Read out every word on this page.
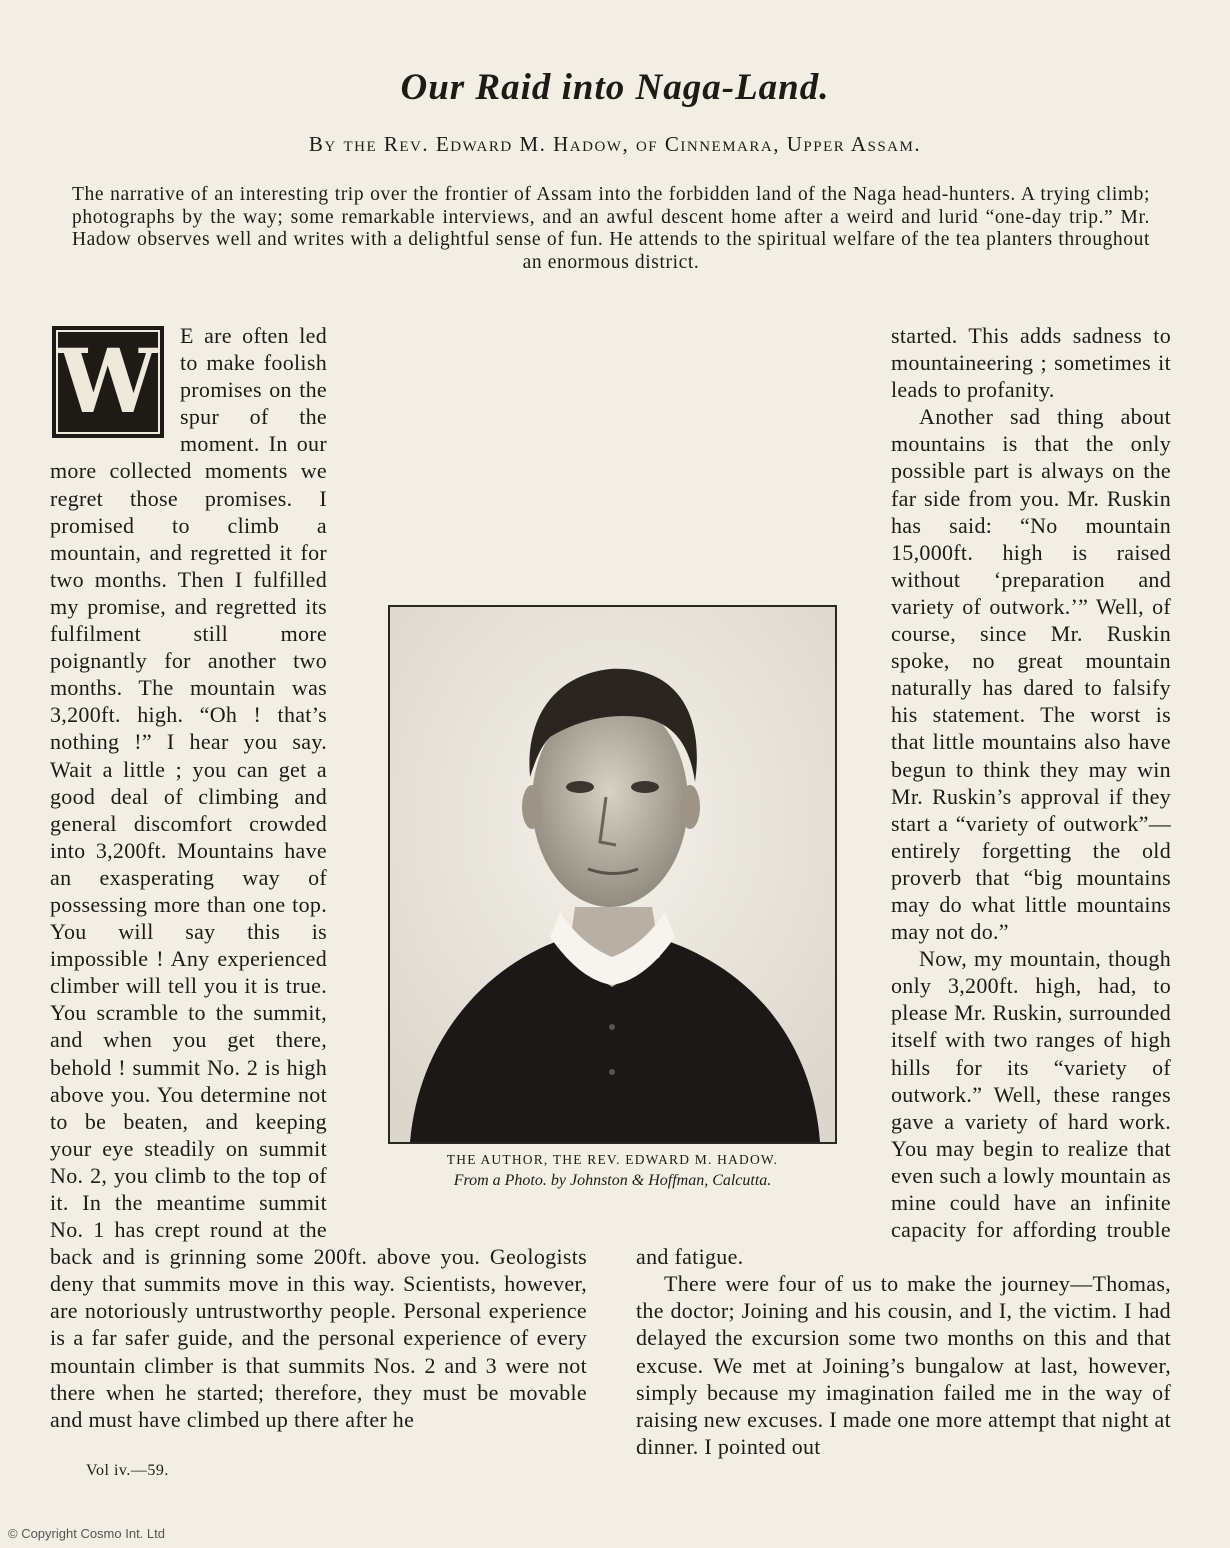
Our Raid into Naga-Land.
By the Rev. Edward M. Hadow, of Cinnemara, Upper Assam.
The narrative of an interesting trip over the frontier of Assam into the forbidden land of the Naga head-hunters. A trying climb; photographs by the way; some remarkable interviews, and an awful descent home after a weird and lurid “one-day trip.” Mr. Hadow observes well and writes with a delightful sense of fun. He attends to the spiritual welfare of the tea planters throughout an enormous district.
W	E are often led to make foolish promises on the spur of the moment. In our more collected moments we regret those promises. I promised to climb a mountain, and regretted it for two months. Then I fulfilled my promise, and regretted its fulfilment still more poignantly for another two months. The mountain was 3,200ft. high. “Oh ! that’s nothing !” I hear you say. Wait a little ; you can get a good deal of climbing and general discomfort crowded into 3,200ft. Mountains have an exasperating way of possessing more than one top. You will say this is impossible ! Any experienced climber will tell you it is true. You scramble to the summit, and when you get there, behold ! summit No. 2 is high above you. You determine not to be beaten, and keeping your eye steadily on summit No. 2, you climb to the top of it. In the meantime summit No. 1 has crept round at the back and is grinning some 200ft. above you. Geologists deny that summits move in this way. Scientists, however, are notoriously untrustworthy people. Personal experience is a far safer guide, and the personal experience of every mountain climber is that summits Nos. 2 and 3 were not there when he started; therefore, they must be movable and must have climbed up there after he

started. This adds sadness to mountaineering ; sometimes it leads to profanity.

Another sad thing about mountains is that the only possible part is always on the far side from you. Mr. Ruskin has said: “No mountain 15,000ft. high is raised without ‘preparation and variety of outwork.’” Well, of course, since Mr. Ruskin spoke, no great mountain naturally has dared to falsify his statement. The worst is that little mountains also have begun to think they may win Mr. Ruskin’s approval if they start a “variety of outwork”—entirely forgetting the old proverb that “big mountains may do what little mountains may not do.”

Now, my mountain, though only 3,200ft. high, had, to please Mr. Ruskin, surrounded itself with two ranges of high hills for its “variety of outwork.” Well, these ranges gave a variety of hard work. You may begin to realize that even such a lowly mountain as mine could have an infinite capacity for affording trouble and fatigue.

There were four of us to make the journey—Thomas, the doctor; Joining and his cousin, and I, the victim. I had delayed the excursion some two months on this and that excuse. We met at Joining’s bungalow at last, however, simply because my imagination failed me in the way of raising new excuses. I made one more attempt that night at dinner. I pointed out

THE AUTHOR, THE REV. EDWARD M. HADOW.
From a Photo. by Johnston & Hoffman, Calcutta.
Vol iv.—59.
© Copyright Cosmo Int. Ltd
